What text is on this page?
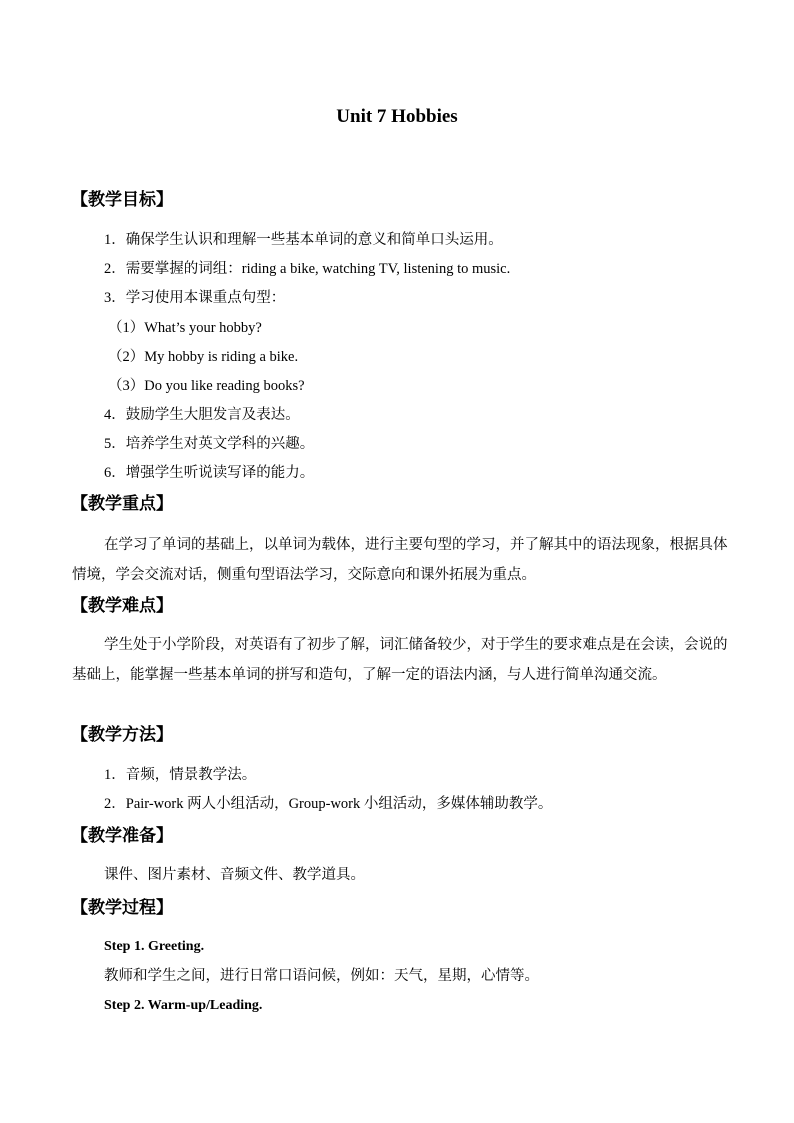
Unit 7 Hobbies
【教学目标】
1．确保学生认识和理解一些基本单词的意义和简单口头运用。
2．需要掌握的词组：riding a bike, watching TV, listening to music.
3．学习使用本课重点句型：
（1）What’s your hobby?
（2）My hobby is riding a bike.
（3）Do you like reading books?
4．鼓励学生大胆发言及表达。
5．培养学生对英文学科的兴趣。
6．增强学生听说读写译的能力。
【教学重点】
在学习了单词的基础上，以单词为载体，进行主要句型的学习，并了解其中的语法现象，根据具体情境，学会交流对话，侧重句型语法学习，交际意向和课外拓展为重点。
【教学难点】
学生处于小学阶段，对英语有了初步了解，词汇储备较少，对于学生的要求难点是在会读，会说的基础上，能掌握一些基本单词的拼写和造句，了解一定的语法内涵，与人进行简单沟通交流。
【教学方法】
1．音频，情景教学法。
2．Pair-work 两人小组活动，Group-work 小组活动，多媒体辅助教学。
【教学准备】
课件、图片素材、音频文件、教学道具。
【教学过程】
Step 1. Greeting.
教师和学生之间，进行日常口语问候，例如：天气，星期，心情等。
Step 2. Warm-up/Leading.
